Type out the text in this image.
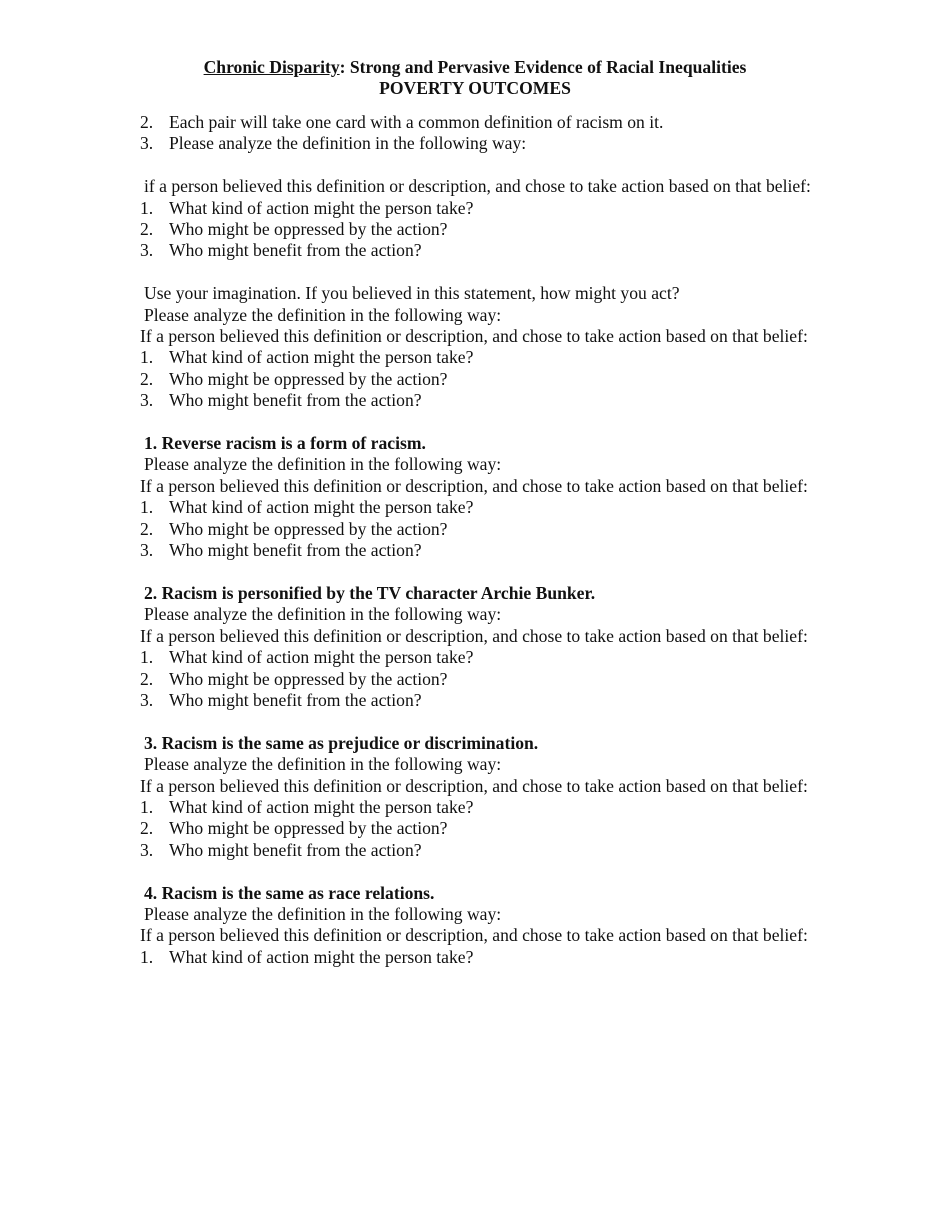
Chronic Disparity: Strong and Pervasive Evidence of Racial Inequalities
POVERTY OUTCOMES
2. Each pair will take one card with a common definition of racism on it.
3. Please analyze the definition in the following way:
if a person believed this definition or description, and chose to take action based on that belief:
1. What kind of action might the person take?
2. Who might be oppressed by the action?
3. Who might benefit from the action?
Use your imagination. If you believed in this statement, how might you act?
Please analyze the definition in the following way:
If a person believed this definition or description, and chose to take action based on that belief:
1. What kind of action might the person take?
2. Who might be oppressed by the action?
3. Who might benefit from the action?
1. Reverse racism is a form of racism.
Please analyze the definition in the following way:
If a person believed this definition or description, and chose to take action based on that belief:
1. What kind of action might the person take?
2. Who might be oppressed by the action?
3. Who might benefit from the action?
2. Racism is personified by the TV character Archie Bunker.
Please analyze the definition in the following way:
If a person believed this definition or description, and chose to take action based on that belief:
1. What kind of action might the person take?
2. Who might be oppressed by the action?
3. Who might benefit from the action?
3. Racism is the same as prejudice or discrimination.
Please analyze the definition in the following way:
If a person believed this definition or description, and chose to take action based on that belief:
1. What kind of action might the person take?
2. Who might be oppressed by the action?
3. Who might benefit from the action?
4. Racism is the same as race relations.
Please analyze the definition in the following way:
If a person believed this definition or description, and chose to take action based on that belief:
1. What kind of action might the person take?
